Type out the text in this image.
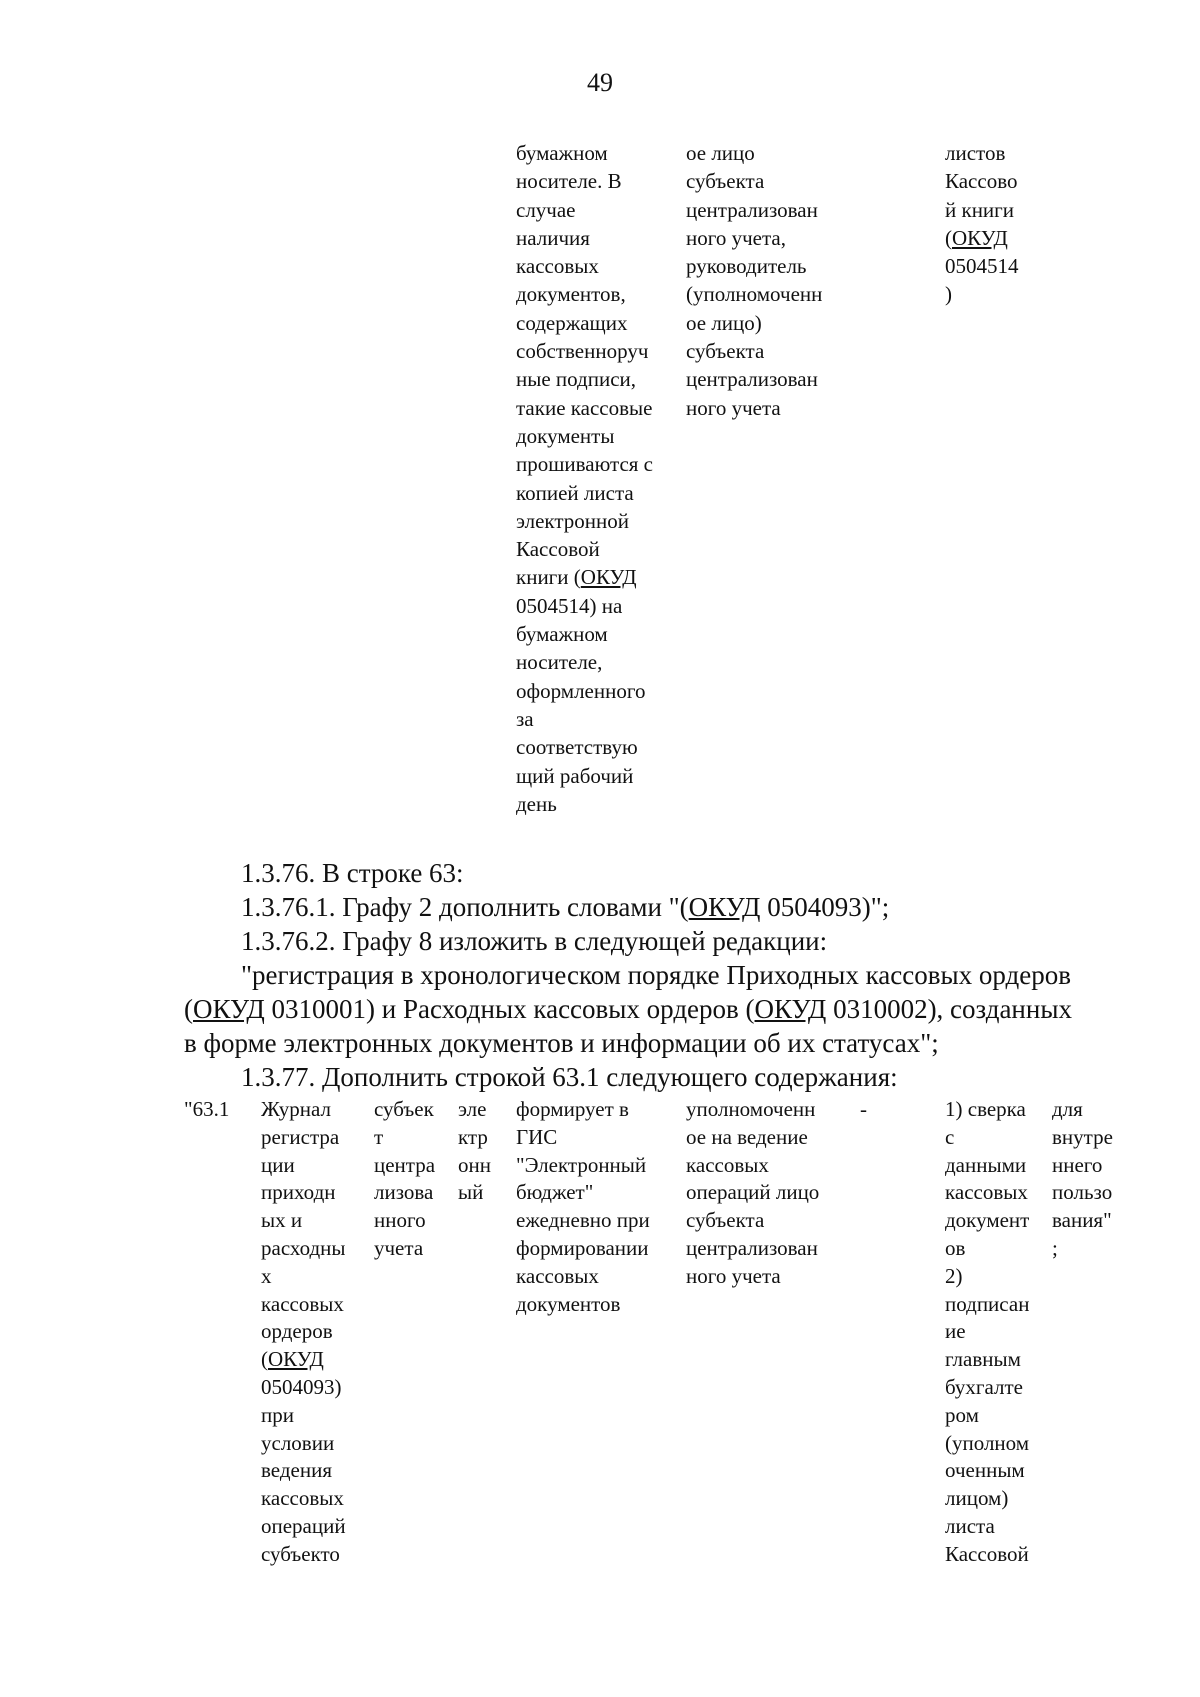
49
бумажном
носителе. В
случае
наличия
кассовых
документов,
содержащих
собственноруч
ные подписи,
такие кассовые
документы
прошиваются с
копией листа
электронной
Кассовой
книги (ОКУД
0504514) на
бумажном
носителе,
оформленного
за
соответствую
щий рабочий
день
ое лицо
субъекта
централизован
ного учета,
руководитель
(уполномоченн
ое лицо)
субъекта
централизован
ного учета
листов
Кассово
й книги
(ОКУД
0504514
)
1.3.76. В строке 63:
1.3.76.1. Графу 2 дополнить словами "(ОКУД 0504093)";
1.3.76.2. Графу 8 изложить в следующей редакции:
"регистрация в хронологическом порядке Приходных кассовых ордеров
(ОКУД 0310001) и Расходных кассовых ордеров (ОКУД 0310002), созданных
в форме электронных документов и информации об их статусах";
1.3.77. Дополнить строкой 63.1 следующего содержания:
"63.1 Журнал
регистра
ции
приходн
ых и
расходны
х
кассовых
ордеров
(ОКУД
0504093)
при
условии
ведения
кассовых
операций
субъекто
субъек
т
центра
лизова
нного
учета
эле
ктр
онн
ый
формирует в
ГИС
"Электронный
бюджет"
ежедневно при
формировании
кассовых
документов
уполномоченн
ое на ведение
кассовых
операций лицо
субъекта
централизован
ного учета
-	1) сверка
с
данными
кассовых
документ
ов
2)
подписан
ие
главным
бухгалте
ром
(уполном
оченным
лицом)
листа
Кассовой
для
внутре
ннего
пользо
вания"
;
